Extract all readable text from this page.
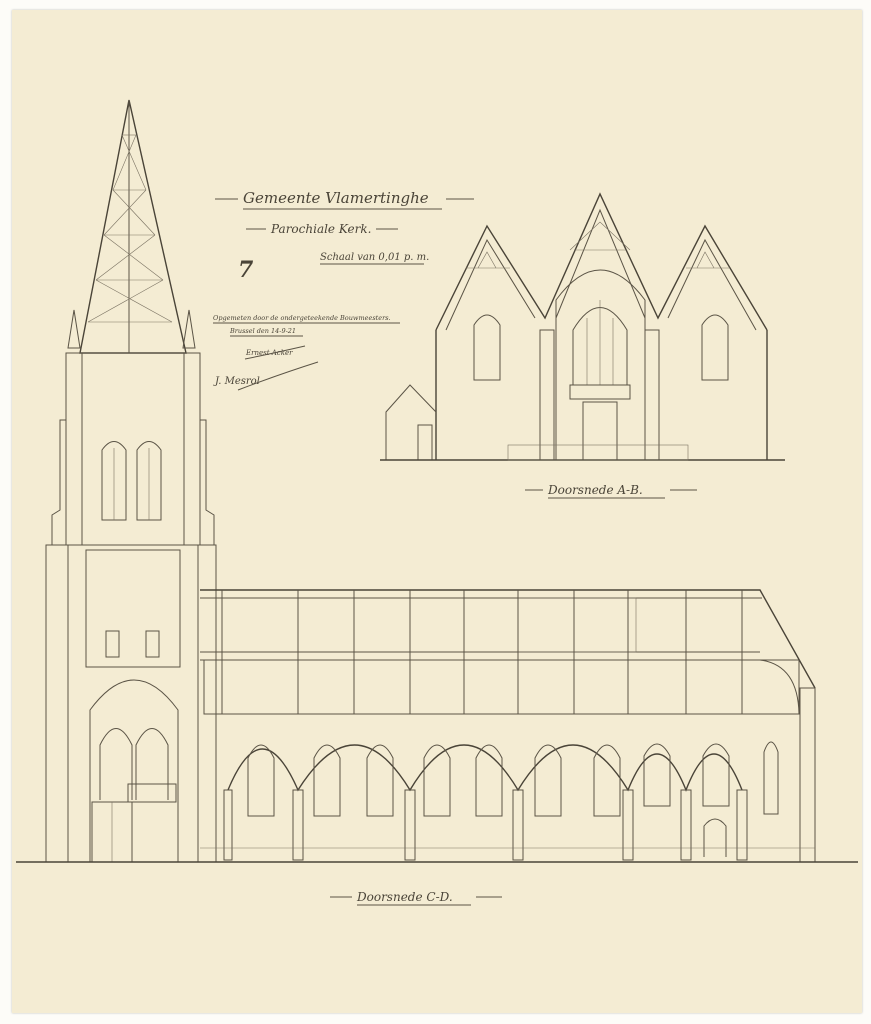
Gemeente Vlamertinghe
Parochiale Kerk.
Schaal van 0,01 p. m.
7
Opgemeten door de ondergeteekende Bouwmeesters.
Brussel den 14-9-21
Ernest Acker
J. Mesrol
Doorsnede A-B.
Doorsnede C-D.
